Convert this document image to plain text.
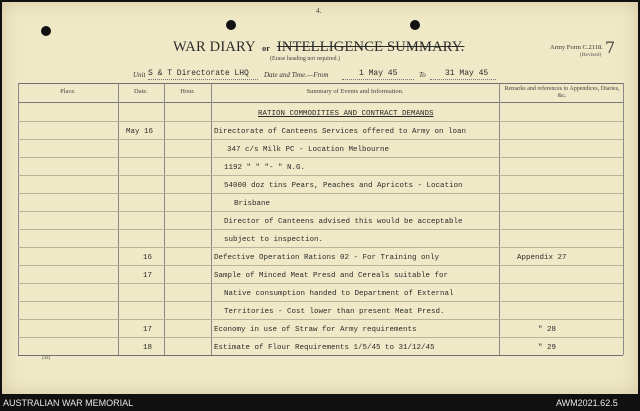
4.
WAR DIARY or INTELLIGENCE SUMMARY.
(Erase heading not required.)
Army Form C.2118.
(Revised) 7
Unit S & T Directorate LHQ Date and Time.—From	1 May 45	To 31 May 45
Place.	Date.	Hour.	Summary of Events and Information.	Remarks and references to Appendices, Diaries, &c.
RATION COMMODITIES AND CONTRACT DEMANDS
May 16	Directorate of Canteens Services offered to Army on loan
347 c/s Milk PC - Location Melbourne
1192 " " "- " N.G.
54000 doz tins Pears, Peaches and Apricots - Location
Brisbane
Director of Canteens advised this would be acceptable
subject to inspection.
16	Defective Operation Rations 02 - For Training only	Appendix 27
17	Sample of Minced Meat Presd and Cereals suitable for
Native consumption handed to Department of External
Territories - Cost lower than present Meat Presd.
17	Economy in use of Straw for Army requirements	" 28
18	Estimate of Flour Requirements 1/5/45 to 31/12/45	" 29
(44)
AUSTRALIAN WAR MEMORIAL	AWM2021.62.5
